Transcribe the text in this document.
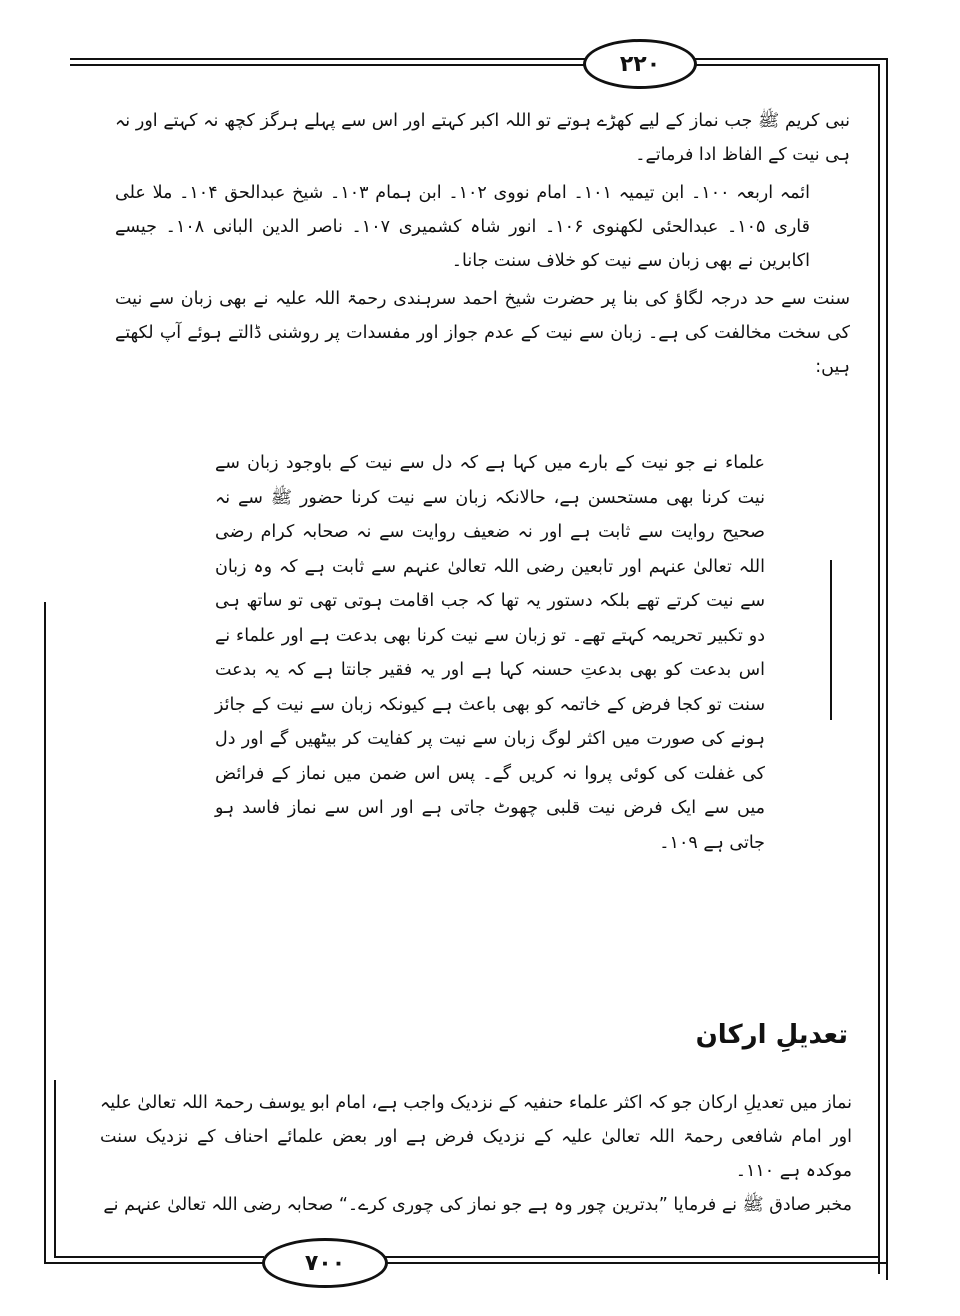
۲۲۰
۷۰۰

نبی کریم ﷺ جب نماز کے لیے کھڑے ہوتے تو اللہ اکبر کہتے اور اس سے پہلے ہرگز کچھ نہ کہتے اور نہ ہی نیت کے الفاظ ادا فرماتے۔

ائمہ اربعہ ۱۰۰۔ ابن تیمیہ ۱۰۱۔ امام نووی ۱۰۲۔ ابن ہمام ۱۰۳۔ شیخ عبدالحق ۱۰۴۔ ملا علی قاری ۱۰۵۔ عبدالحئی لکھنوی ۱۰۶۔ انور شاہ کشمیری ۱۰۷۔ ناصر الدین البانی ۱۰۸۔ جیسے اکابرین نے بھی زبان سے نیت کو خلاف سنت جانا۔

سنت سے حد درجہ لگاؤ کی بنا پر حضرت شیخ احمد سرہندی رحمۃ اللہ علیہ نے بھی زبان سے نیت کی سخت مخالفت کی ہے۔ زبان سے نیت کے عدم جواز اور مفسدات پر روشنی ڈالتے ہوئے آپ لکھتے ہیں:

علماء نے جو نیت کے بارے میں کہا ہے کہ دل سے نیت کے باوجود زبان سے نیت کرنا بھی مستحسن ہے، حالانکہ زبان سے نیت کرنا حضور ﷺ سے نہ صحیح روایت سے ثابت ہے اور نہ ضعیف روایت سے نہ صحابہ کرام رضی اللہ تعالیٰ عنہم اور تابعین رضی اللہ تعالیٰ عنہم سے ثابت ہے کہ وہ زبان سے نیت کرتے تھے بلکہ دستور یہ تھا کہ جب اقامت ہوتی تھی تو ساتھ ہی دو تکبیر تحریمہ کہتے تھے۔ تو زبان سے نیت کرنا بھی بدعت ہے اور علماء نے اس بدعت کو بھی بدعتِ حسنہ کہا ہے اور یہ فقیر جانتا ہے کہ یہ بدعت سنت تو کجا فرض کے خاتمہ کو بھی باعث ہے کیونکہ زبان سے نیت کے جائز ہونے کی صورت میں اکثر لوگ زبان سے نیت پر کفایت کر بیٹھیں گے اور دل کی غفلت کی کوئی پروا نہ کریں گے۔ پس اس ضمن میں نماز کے فرائض میں سے ایک فرض نیت قلبی چھوٹ جاتی ہے اور اس سے نماز فاسد ہو جاتی ہے ۱۰۹۔

تعدیلِ ارکان

نماز میں تعدیلِ ارکان جو کہ اکثر علماء حنفیہ کے نزدیک واجب ہے، امام ابو یوسف رحمۃ اللہ تعالیٰ علیہ اور امام شافعی رحمۃ اللہ تعالیٰ علیہ کے نزدیک فرض ہے اور بعض علمائے احناف کے نزدیک سنت موکدہ ہے ۱۱۰۔

مخبر صادق ﷺ نے فرمایا ”بدترین چور وہ ہے جو نماز کی چوری کرے۔“ صحابہ رضی اللہ تعالیٰ عنہم نے
